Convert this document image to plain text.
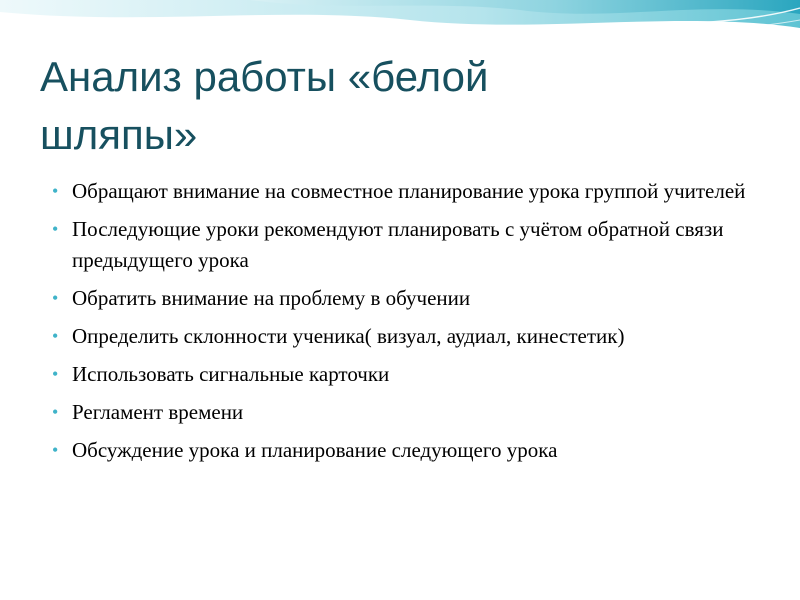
Анализ работы «белой шляпы»
• Обращают внимание на совместное планирование урока группой учителей
• Последующие уроки рекомендуют планировать с учётом обратной связи предыдущего урока
• Обратить внимание на проблему в обучении
• Определить склонности ученика( визуал, аудиал, кинестетик)
• Использовать сигнальные карточки
• Регламент времени
• Обсуждение урока и планирование следующего урока
